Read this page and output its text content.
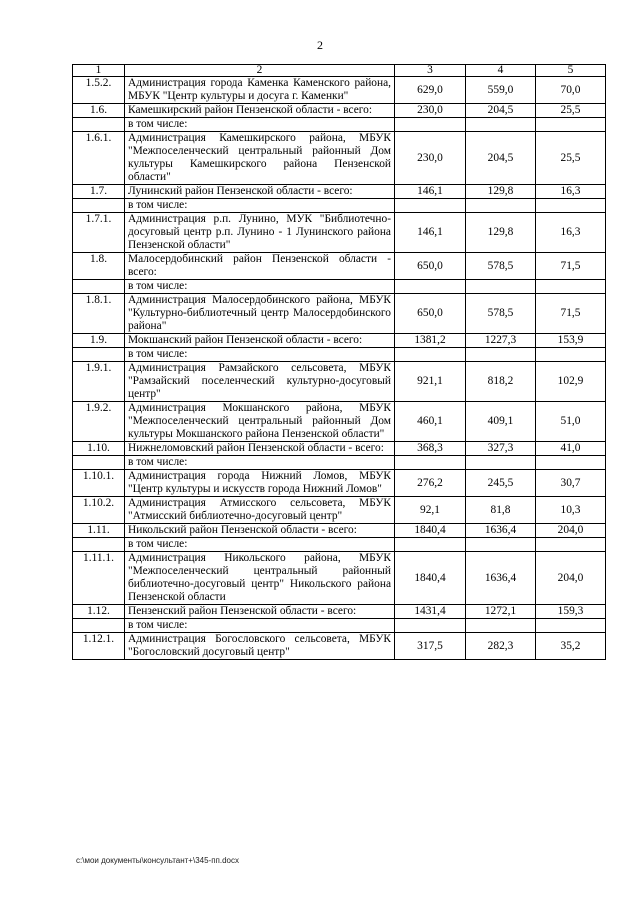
2
1	2	3	4	5
1.5.2.	Администрация города Каменка Каменского района, МБУК "Центр культуры и досуга г. Каменки"	629,0	559,0	70,0
1.6.	Камешкирский район Пензенской области - всего:	230,0	204,5	25,5
	в том числе:			
1.6.1.	Администрация Камешкирского района, МБУК "Межпоселенческий центральный районный Дом культуры Камешкирского района Пензенской области"	230,0	204,5	25,5
1.7.	Лунинский район Пензенской области - всего:	146,1	129,8	16,3
	в том числе:			
1.7.1.	Администрация р.п. Лунино, МУК "Библиотечно-досуговый центр р.п. Лунино - 1 Лунинского района Пензенской области"	146,1	129,8	16,3
1.8.	Малосердобинский район Пензенской области - всего:	650,0	578,5	71,5
	в том числе:			
1.8.1.	Администрация Малосердобинского района, МБУК "Культурно-библиотечный центр Малосердобинского района"	650,0	578,5	71,5
1.9.	Мокшанский район Пензенской области - всего:	1381,2	1227,3	153,9
	в том числе:			
1.9.1.	Администрация Рамзайского сельсовета, МБУК "Рамзайский поселенческий культурно-досуговый центр"	921,1	818,2	102,9
1.9.2.	Администрация Мокшанского района, МБУК "Межпоселенческий центральный районный Дом культуры Мокшанского района Пензенской области"	460,1	409,1	51,0
1.10.	Нижнеломовский район Пензенской области - всего:	368,3	327,3	41,0
	в том числе:			
1.10.1.	Администрация города Нижний Ломов, МБУК "Центр культуры и искусств города Нижний Ломов"	276,2	245,5	30,7
1.10.2.	Администрация Атмисского сельсовета, МБУК "Атмисский библиотечно-досуговый центр"	92,1	81,8	10,3
1.11.	Никольский район Пензенской области - всего:	1840,4	1636,4	204,0
	в том числе:			
1.11.1.	Администрация Никольского района, МБУК "Межпоселенческий центральный районный библиотечно-досуговый центр" Никольского района Пензенской области	1840,4	1636,4	204,0
1.12.	Пензенский район Пензенской области - всего:	1431,4	1272,1	159,3
	в том числе:			
1.12.1.	Администрация Богословского сельсовета, МБУК "Богословский досуговый центр"	317,5	282,3	35,2
c:\мои документы\консультант+\345-пп.docx
